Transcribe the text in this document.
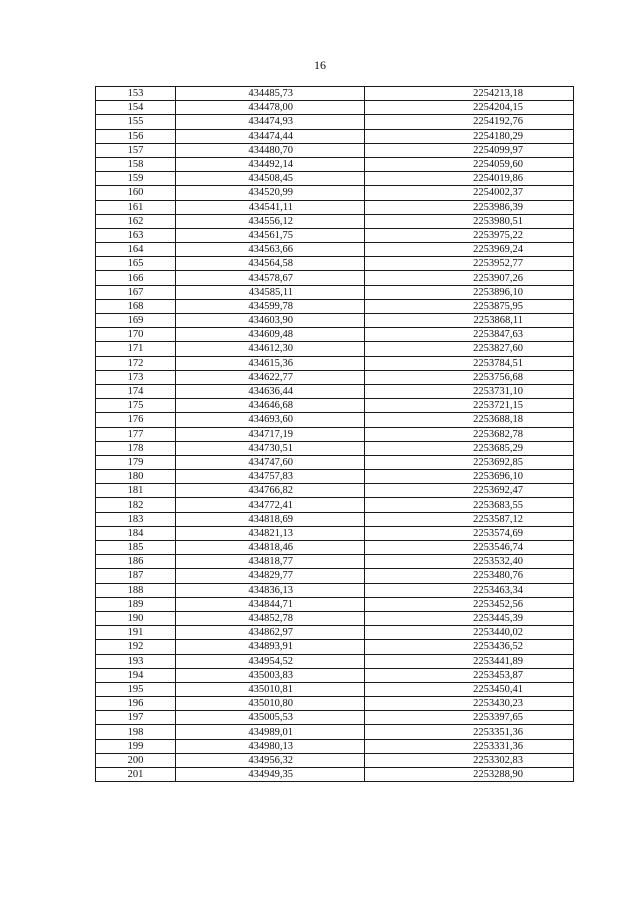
16
153	434485,73	2254213,18
154	434478,00	2254204,15
155	434474,93	2254192,76
156	434474,44	2254180,29
157	434480,70	2254099,97
158	434492,14	2254059,60
159	434508,45	2254019,86
160	434520,99	2254002,37
161	434541,11	2253986,39
162	434556,12	2253980,51
163	434561,75	2253975,22
164	434563,66	2253969,24
165	434564,58	2253952,77
166	434578,67	2253907,26
167	434585,11	2253896,10
168	434599,78	2253875,95
169	434603,90	2253868,11
170	434609,48	2253847,63
171	434612,30	2253827,60
172	434615,36	2253784,51
173	434622,77	2253756,68
174	434636,44	2253731,10
175	434646,68	2253721,15
176	434693,60	2253688,18
177	434717,19	2253682,78
178	434730,51	2253685,29
179	434747,60	2253692,85
180	434757,83	2253696,10
181	434766,82	2253692,47
182	434772,41	2253683,55
183	434818,69	2253587,12
184	434821,13	2253574,69
185	434818,46	2253546,74
186	434818,77	2253532,40
187	434829,77	2253480,76
188	434836,13	2253463,34
189	434844,71	2253452,56
190	434852,78	2253445,39
191	434862,97	2253440,02
192	434893,91	2253436,52
193	434954,52	2253441,89
194	435003,83	2253453,87
195	435010,81	2253450,41
196	435010,80	2253430,23
197	435005,53	2253397,65
198	434989,01	2253351,36
199	434980,13	2253331,36
200	434956,32	2253302,83
201	434949,35	2253288,90
